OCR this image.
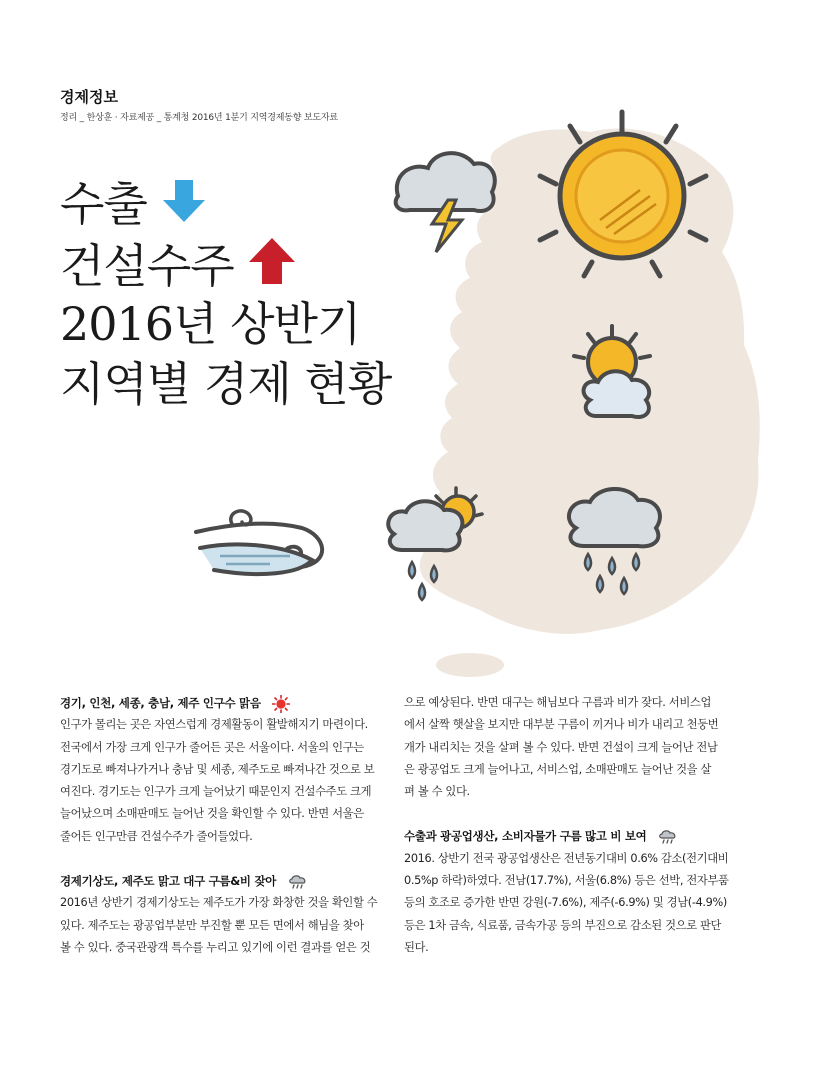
경제정보
정리 _ 한상훈 · 자료제공 _ 통계청 2016년 1분기 지역경제동향 보도자료
수출
건설수주
2016년 상반기
지역별 경제 현황
경기, 인천, 세종, 충남, 제주 인구수 맑음

인구가 몰리는 곳은 자연스럽게 경제활동이 활발해지기 마련이다.
전국에서 가장 크게 인구가 줄어든 곳은 서울이다. 서울의 인구는
경기도로 빠져나가거나 충남 및 세종, 제주도로 빠져나간 것으로 보
여진다. 경기도는 인구가 크게 늘어났기 때문인지 건설수주도 크게
늘어났으며 소매판매도 늘어난 것을 확인할 수 있다. 반면 서울은
줄어든 인구만큼 건설수주가 줄어들었다.

경제기상도, 제주도 맑고 대구 구름&비 잦아

2016년 상반기 경제기상도는 제주도가 가장 화창한 것을 확인할 수
있다. 제주도는 광공업부분만 부진할 뿐 모든 면에서 해님을 찾아
볼 수 있다. 중국관광객 특수를 누리고 있기에 이런 결과를 얻은 것

으로 예상된다. 반면 대구는 해님보다 구름과 비가 잦다. 서비스업
에서 살짝 햇살을 보지만 대부분 구름이 끼거나 비가 내리고 천둥번
개가 내리치는 것을 살펴 볼 수 있다. 반면 건설이 크게 늘어난 전남
은 광공업도 크게 늘어나고, 서비스업, 소매판매도 늘어난 것을 살
펴 볼 수 있다.

수출과 광공업생산, 소비자물가 구름 많고 비 보여

2016. 상반기 전국 광공업생산은 전년동기대비 0.6% 감소(전기대비
0.5%p 하락)하였다. 전남(17.7%), 서울(6.8%) 등은 선박, 전자부품
등의 호조로 증가한 반면 강원(-7.6%), 제주(-6.9%) 및 경남(-4.9%)
등은 1차 금속, 식료품, 금속가공 등의 부진으로 감소된 것으로 판단
된다.
